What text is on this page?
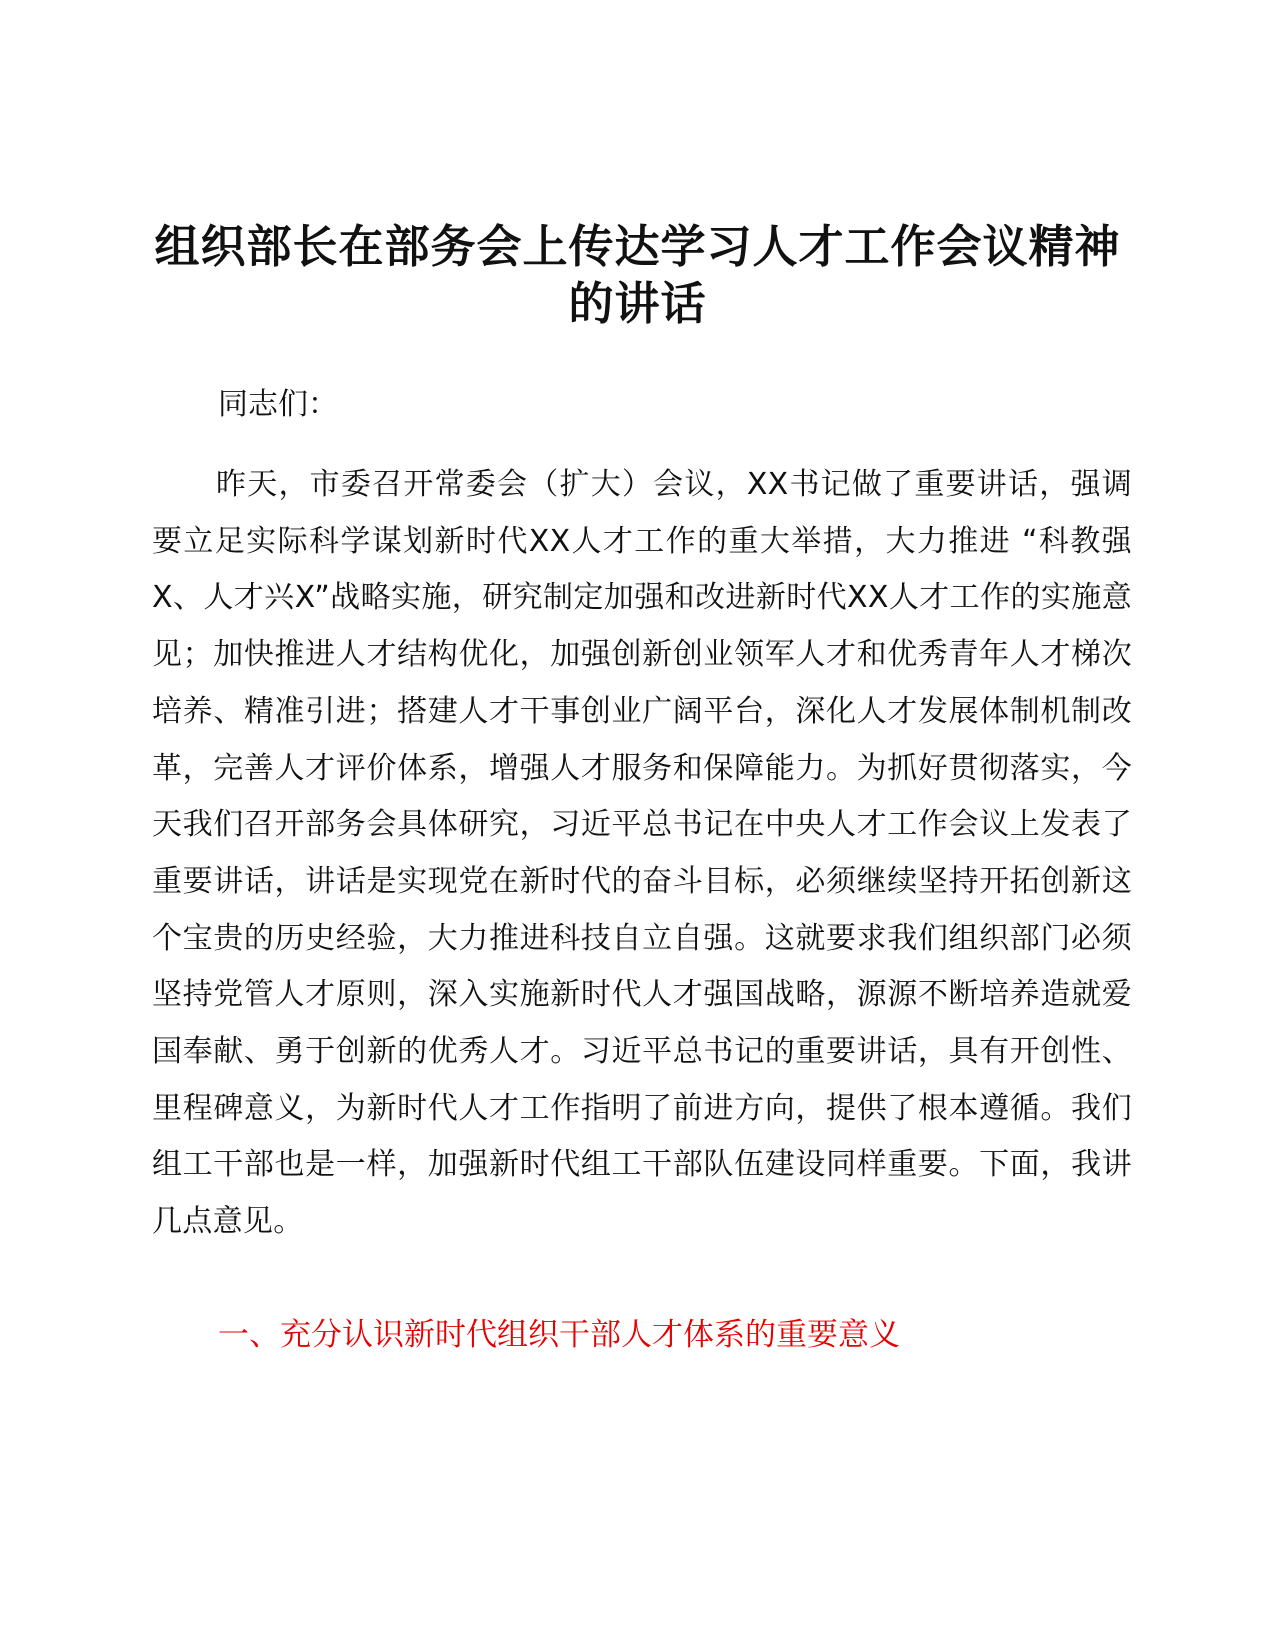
组织部长在部务会上传达学习人才工作会议精神的讲话

同志们：

昨天，市委召开常委会（扩大）会议，XX书记做了重要讲话，强调要立足实际科学谋划新时代XX人才工作的重大举措，大力推进 “科教强X、人才兴X”战略实施，研究制定加强和改进新时代XX人才工作的实施意见；加快推进人才结构优化，加强创新创业领军人才和优秀青年人才梯次培养、精准引进；搭建人才干事创业广阔平台，深化人才发展体制机制改革，完善人才评价体系，增强人才服务和保障能力。为抓好贯彻落实，今天我们召开部务会具体研究，习近平总书记在中央人才工作会议上发表了重要讲话，讲话是实现党在新时代的奋斗目标，必须继续坚持开拓创新这个宝贵的历史经验，大力推进科技自立自强。这就要求我们组织部门必须坚持党管人才原则，深入实施新时代人才强国战略，源源不断培养造就爱国奉献、勇于创新的优秀人才。习近平总书记的重要讲话，具有开创性、里程碑意义，为新时代人才工作指明了前进方向，提供了根本遵循。我们组工干部也是一样，加强新时代组工干部队伍建设同样重要。下面，我讲几点意见。

一、充分认识新时代组织干部人才体系的重要意义
